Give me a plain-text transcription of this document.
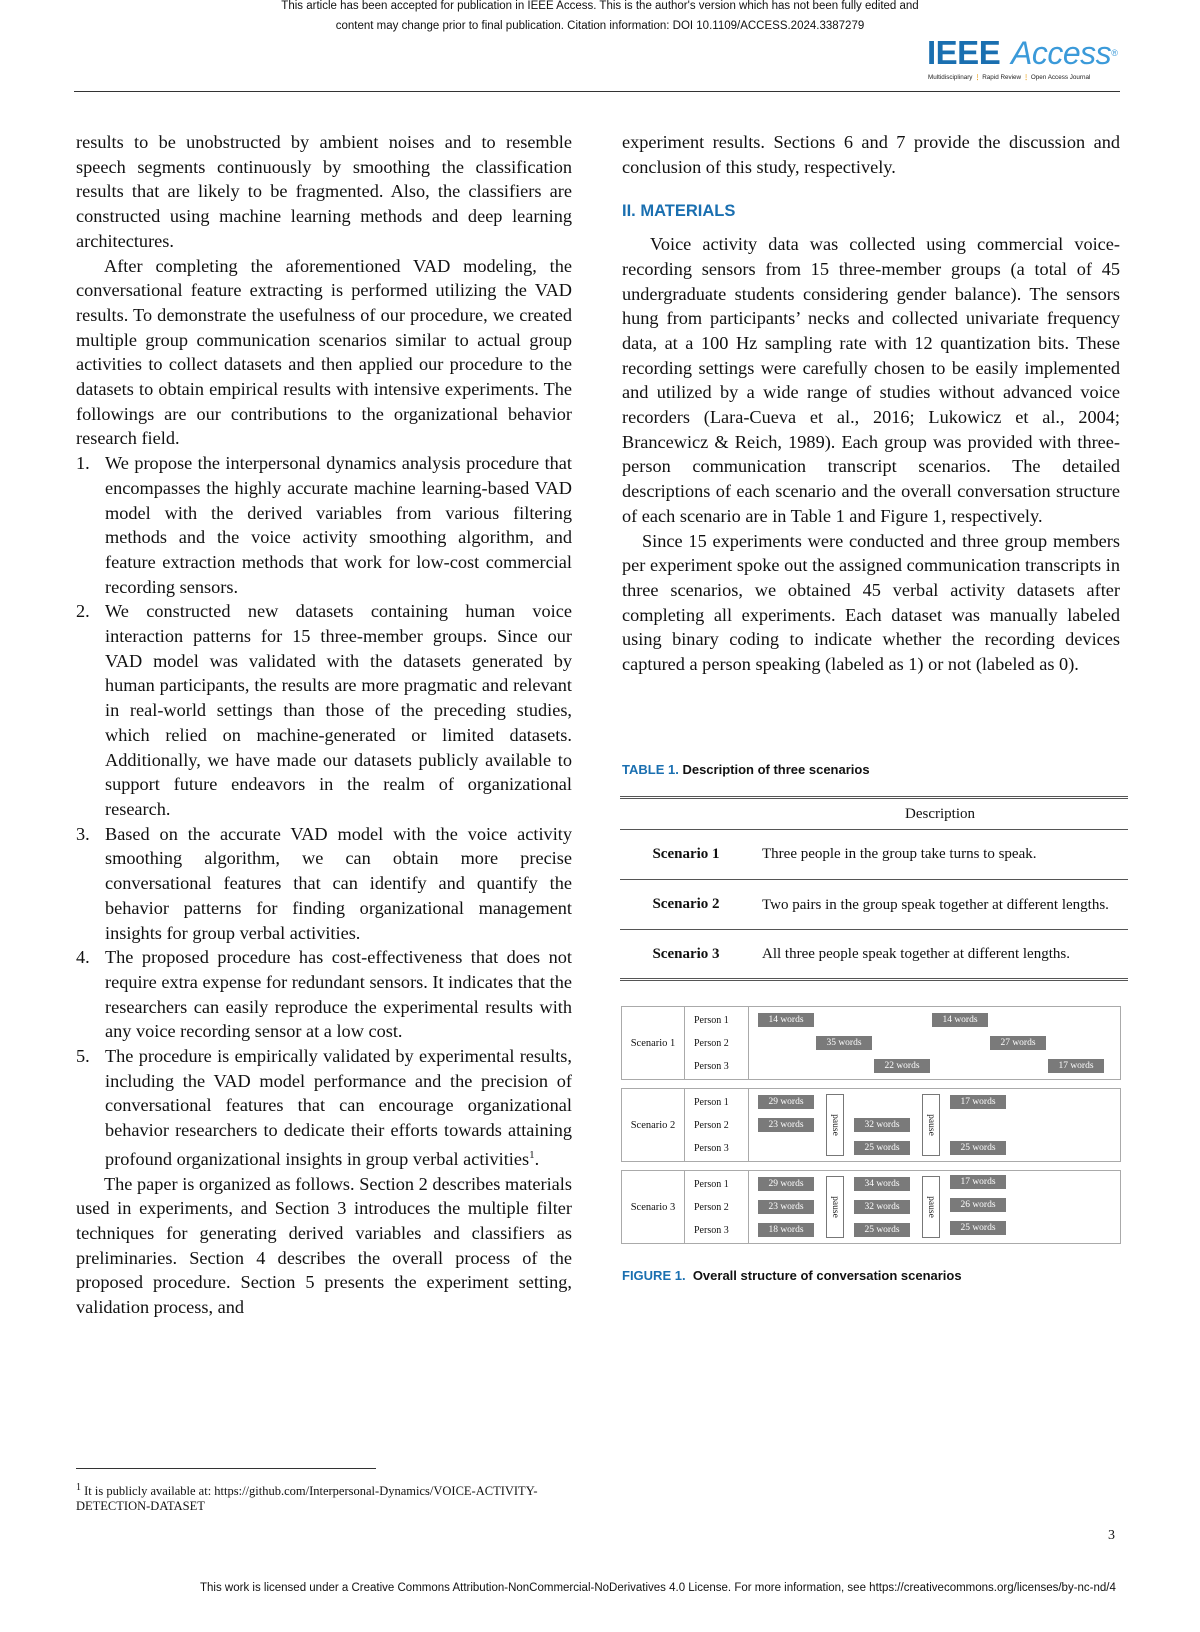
This article has been accepted for publication in IEEE Access. This is the author's version which has not been fully edited and
content may change prior to final publication. Citation information: DOI 10.1109/ACCESS.2024.3387279
IEEE Access®
Multidisciplinary ⋮ Rapid Review ⋮ Open Access Journal

results to be unobstructed by ambient noises and to resemble speech segments continuously by smoothing the classification results that are likely to be fragmented. Also, the classifiers are constructed using machine learning methods and deep learning architectures.

After completing the aforementioned VAD modeling, the conversational feature extracting is performed utilizing the VAD results. To demonstrate the usefulness of our procedure, we created multiple group communication scenarios similar to actual group activities to collect datasets and then applied our procedure to the datasets to obtain empirical results with intensive experiments. The followings are our contributions to the organizational behavior research field.

1. We propose the interpersonal dynamics analysis procedure that encompasses the highly accurate machine learning-based VAD model with the derived variables from various filtering methods and the voice activity smoothing algorithm, and feature extraction methods that work for low-cost commercial recording sensors.
2. We constructed new datasets containing human voice interaction patterns for 15 three-member groups. Since our VAD model was validated with the datasets generated by human participants, the results are more pragmatic and relevant in real-world settings than those of the preceding studies, which relied on machine-generated or limited datasets. Additionally, we have made our datasets publicly available to support future endeavors in the realm of organizational research.
3. Based on the accurate VAD model with the voice activity smoothing algorithm, we can obtain more precise conversational features that can identify and quantify the behavior patterns for finding organizational management insights for group verbal activities.
4. The proposed procedure has cost-effectiveness that does not require extra expense for redundant sensors. It indicates that the researchers can easily reproduce the experimental results with any voice recording sensor at a low cost.
5. The procedure is empirically validated by experimental results, including the VAD model performance and the precision of conversational features that can encourage organizational behavior researchers to dedicate their efforts towards attaining profound organizational insights in group verbal activities$^1$.

The paper is organized as follows. Section 2 describes materials used in experiments, and Section 3 introduces the multiple filter techniques for generating derived variables and classifiers as preliminaries. Section 4 describes the overall process of the proposed procedure. Section 5 presents the experiment setting, validation process, and

experiment results. Sections 6 and 7 provide the discussion and conclusion of this study, respectively.

II. MATERIALS

Voice activity data was collected using commercial voice-recording sensors from 15 three-member groups (a total of 45 undergraduate students considering gender balance). The sensors hung from participants’ necks and collected univariate frequency data, at a 100 Hz sampling rate with 12 quantization bits. These recording settings were carefully chosen to be easily implemented and utilized by a wide range of studies without advanced voice recorders (Lara-Cueva et al., 2016; Lukowicz et al., 2004; Brancewicz & Reich, 1989). Each group was provided with three-person communication transcript scenarios. The detailed descriptions of each scenario and the overall conversation structure of each scenario are in Table 1 and Figure 1, respectively.

Since 15 experiments were conducted and three group members per experiment spoke out the assigned communication transcripts in three scenarios, we obtained 45 verbal activity datasets after completing all experiments. Each dataset was manually labeled using binary coding to indicate whether the recording devices captured a person speaking (labeled as 1) or not (labeled as 0).

TABLE 1. Description of three scenarios
	Description
Scenario 1	Three people in the group take turns to speak.
Scenario 2	Two pairs in the group speak together at different lengths.
Scenario 3	All three people speak together at different lengths.
Scenario 1
Person 1
Person 2
Person 3
14 words	14 words
35 words	27 words
22 words	17 words
Scenario 2
Person 1
Person 2
Person 3
29 words
23 words	pause	32 words
25 words
pause
17 words
25 words
Scenario 3
Person 1
Person 2
Person 3
29 words
23 words
18 words
pause
34 words
32 words
25 words
pause
17 words
26 words
25 words
FIGURE 1. Overall structure of conversation scenarios
$^1$ It is publicly available at: https://github.com/Interpersonal-Dynamics/VOICE-ACTIVITY-DETECTION-DATASET
3
This work is licensed under a Creative Commons Attribution-NonCommercial-NoDerivatives 4.0 License. For more information, see https://creativecommons.org/licenses/by-nc-nd/4
